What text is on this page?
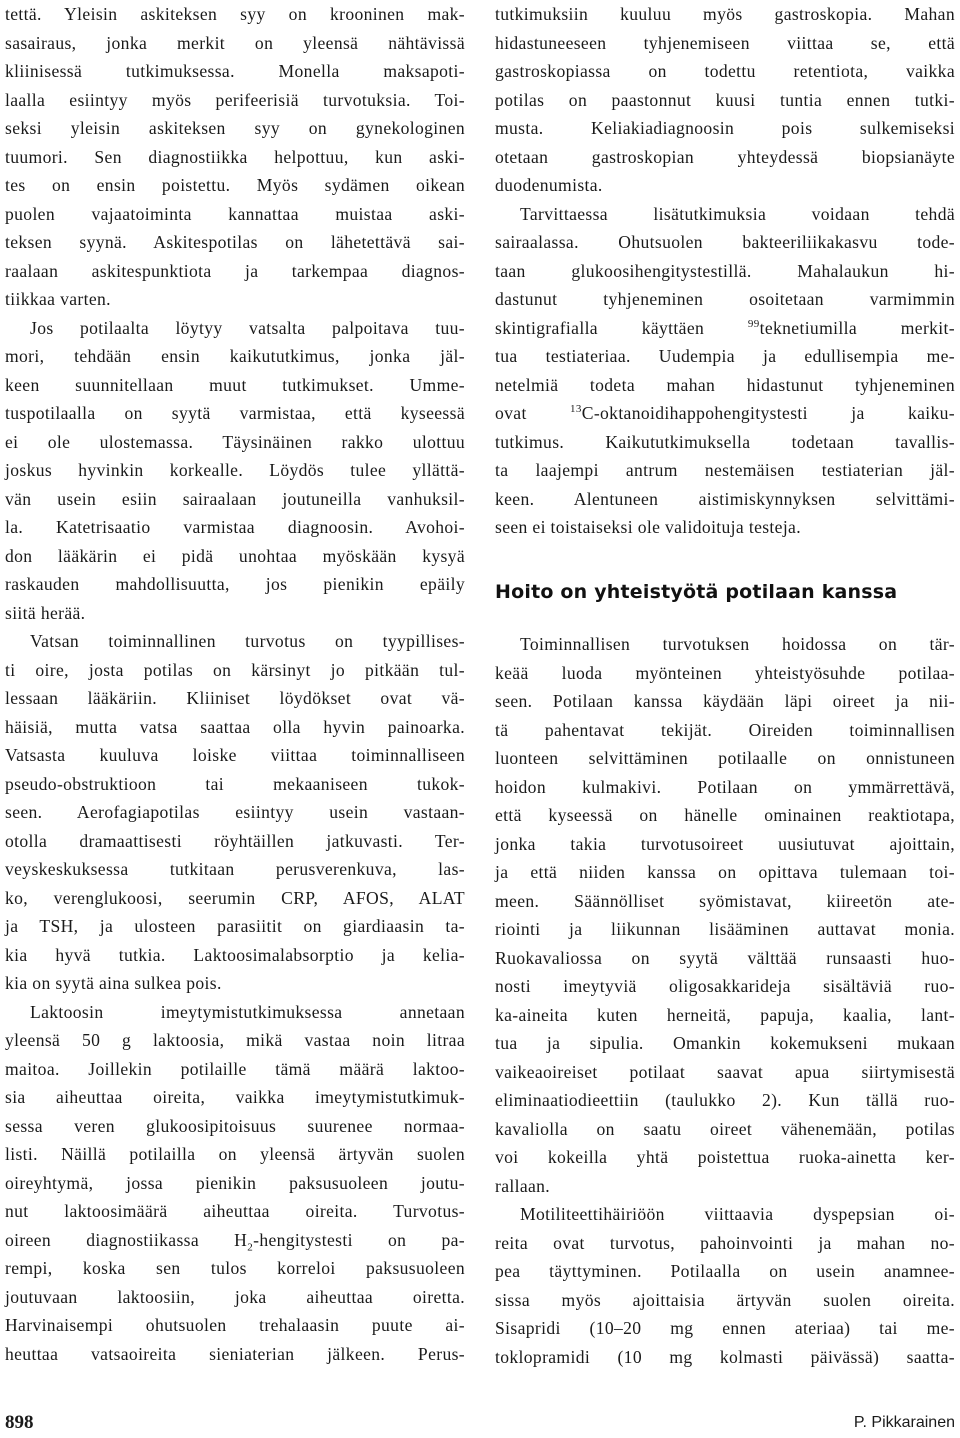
tettä. Yleisin askiteksen syy on krooninen mak-
sasairaus, jonka merkit on yleensä nähtävissä
kliinisessä tutkimuksessa. Monella maksapoti-
laalla esiintyy myös perifeerisiä turvotuksia. Toi-
seksi yleisin askiteksen syy on gynekologinen
tuumori. Sen diagnostiikka helpottuu, kun aski-
tes on ensin poistettu. Myös sydämen oikean
puolen vajaatoiminta kannattaa muistaa aski-
teksen syynä. Askitespotilas on lähetettävä sai-
raalaan askitespunktiota ja tarkempaa diagnos-
tiikkaa varten.
Jos potilaalta löytyy vatsalta palpoitava tuu-
mori, tehdään ensin kaikututkimus, jonka jäl-
keen suunnitellaan muut tutkimukset. Umme-
tuspotilaalla on syytä varmistaa, että kyseessä
ei ole ulostemassa. Täysinäinen rakko ulottuu
joskus hyvinkin korkealle. Löydös tulee yllättä-
vän usein esiin sairaalaan joutuneilla vanhuksil-
la. Katetrisaatio varmistaa diagnoosin. Avohoi-
don lääkärin ei pidä unohtaa myöskään kysyä
raskauden mahdollisuutta, jos pienikin epäily
siitä herää.
Vatsan toiminnallinen turvotus on tyypillises-
ti oire, josta potilas on kärsinyt jo pitkään tul-
lessaan lääkäriin. Kliiniset löydökset ovat vä-
häisiä, mutta vatsa saattaa olla hyvin painoarka.
Vatsasta kuuluva loiske viittaa toiminnalliseen
pseudo-obstruktioon tai mekaaniseen tukok-
seen. Aerofagiapotilas esiintyy usein vastaan-
otolla dramaattisesti röyhtäillen jatkuvasti. Ter-
veyskeskuksessa tutkitaan perusverenkuva, las-
ko, verenglukoosi, seerumin CRP, AFOS, ALAT
ja TSH, ja ulosteen parasiitit on giardiaasin ta-
kia hyvä tutkia. Laktoosimalabsorptio ja kelia-
kia on syytä aina sulkea pois.
Laktoosin imeytymistutkimuksessa annetaan
yleensä 50 g laktoosia, mikä vastaa noin litraa
maitoa. Joillekin potilaille tämä määrä laktoo-
sia aiheuttaa oireita, vaikka imeytymistutkimuk-
sessa veren glukoosipitoisuus suurenee normaa-
listi. Näillä potilailla on yleensä ärtyvän suolen
oireyhtymä, jossa pienikin paksusuoleen joutu-
nut laktoosimäärä aiheuttaa oireita. Turvotus-
oireen diagnostiikassa $H_2$-hengitystesti on pa-
rempi, koska sen tulos korreloi paksusuoleen
joutuvaan laktoosiin, joka aiheuttaa oiretta.
Harvinaisempi ohutsuolen trehalaasin puute ai-
heuttaa vatsaoireita sieniaterian jälkeen. Perus-
tutkimuksiin kuuluu myös gastroskopia. Mahan
hidastuneeseen tyhjenemiseen viittaa se, että
gastroskopiassa on todettu retentiota, vaikka
potilas on paastonnut kuusi tuntia ennen tutki-
musta. Keliakiadiagnoosin pois sulkemiseksi
otetaan gastroskopian yhteydessä biopsianäyte
duodenumista.
Tarvittaessa lisätutkimuksia voidaan tehdä
sairaalassa. Ohutsuolen bakteeriliikakasvu tode-
taan glukoosihengitystestillä. Mahalaukun hi-
dastunut tyhjeneminen osoitetaan varmimmin
skintigrafialla käyttäen $^{99}$teknetiumilla merkit-
tua testiateriaa. Uudempia ja edullisempia me-
netelmiä todeta mahan hidastunut tyhjeneminen
ovat $^{13}$C-oktanoidihappohengitystesti ja kaiku-
tutkimus. Kaikututkimuksella todetaan tavallis-
ta laajempi antrum nestemäisen testiaterian jäl-
keen. Alentuneen aistimiskynnyksen selvittämi-
seen ei toistaiseksi ole validoituja testeja.
Hoito on yhteistyötä potilaan kanssa
Toiminnallisen turvotuksen hoidossa on tär-
keää luoda myönteinen yhteistyösuhde potilaa-
seen. Potilaan kanssa käydään läpi oireet ja nii-
tä pahentavat tekijät. Oireiden toiminnallisen
luonteen selvittäminen potilaalle on onnistuneen
hoidon kulmakivi. Potilaan on ymmärrettävä,
että kyseessä on hänelle ominainen reaktiotapa,
jonka takia turvotusoireet uusiutuvat ajoittain,
ja että niiden kanssa on opittava tulemaan toi-
meen. Säännölliset syömistavat, kiireetön ate-
riointi ja liikunnan lisääminen auttavat monia.
Ruokavaliossa on syytä välttää runsaasti huo-
nosti imeytyviä oligosakkarideja sisältäviä ruo-
ka-aineita kuten herneitä, papuja, kaalia, lant-
tua ja sipulia. Omankin kokemukseni mukaan
vaikeaoireiset potilaat saavat apua siirtymisestä
eliminaatiodieettiin (taulukko 2). Kun tällä ruo-
kavaliolla on saatu oireet vähenemään, potilas
voi kokeilla yhtä poistettua ruoka-ainetta ker-
rallaan.
Motiliteettihäiriöön viittaavia dyspepsian oi-
reita ovat turvotus, pahoinvointi ja mahan no-
pea täyttyminen. Potilaalla on usein anamnee-
sissa myös ajoittaisia ärtyvän suolen oireita.
Sisapridi (10–20 mg ennen ateriaa) tai me-
toklopramidi (10 mg kolmasti päivässä) saatta-
898	P. Pikkarainen
